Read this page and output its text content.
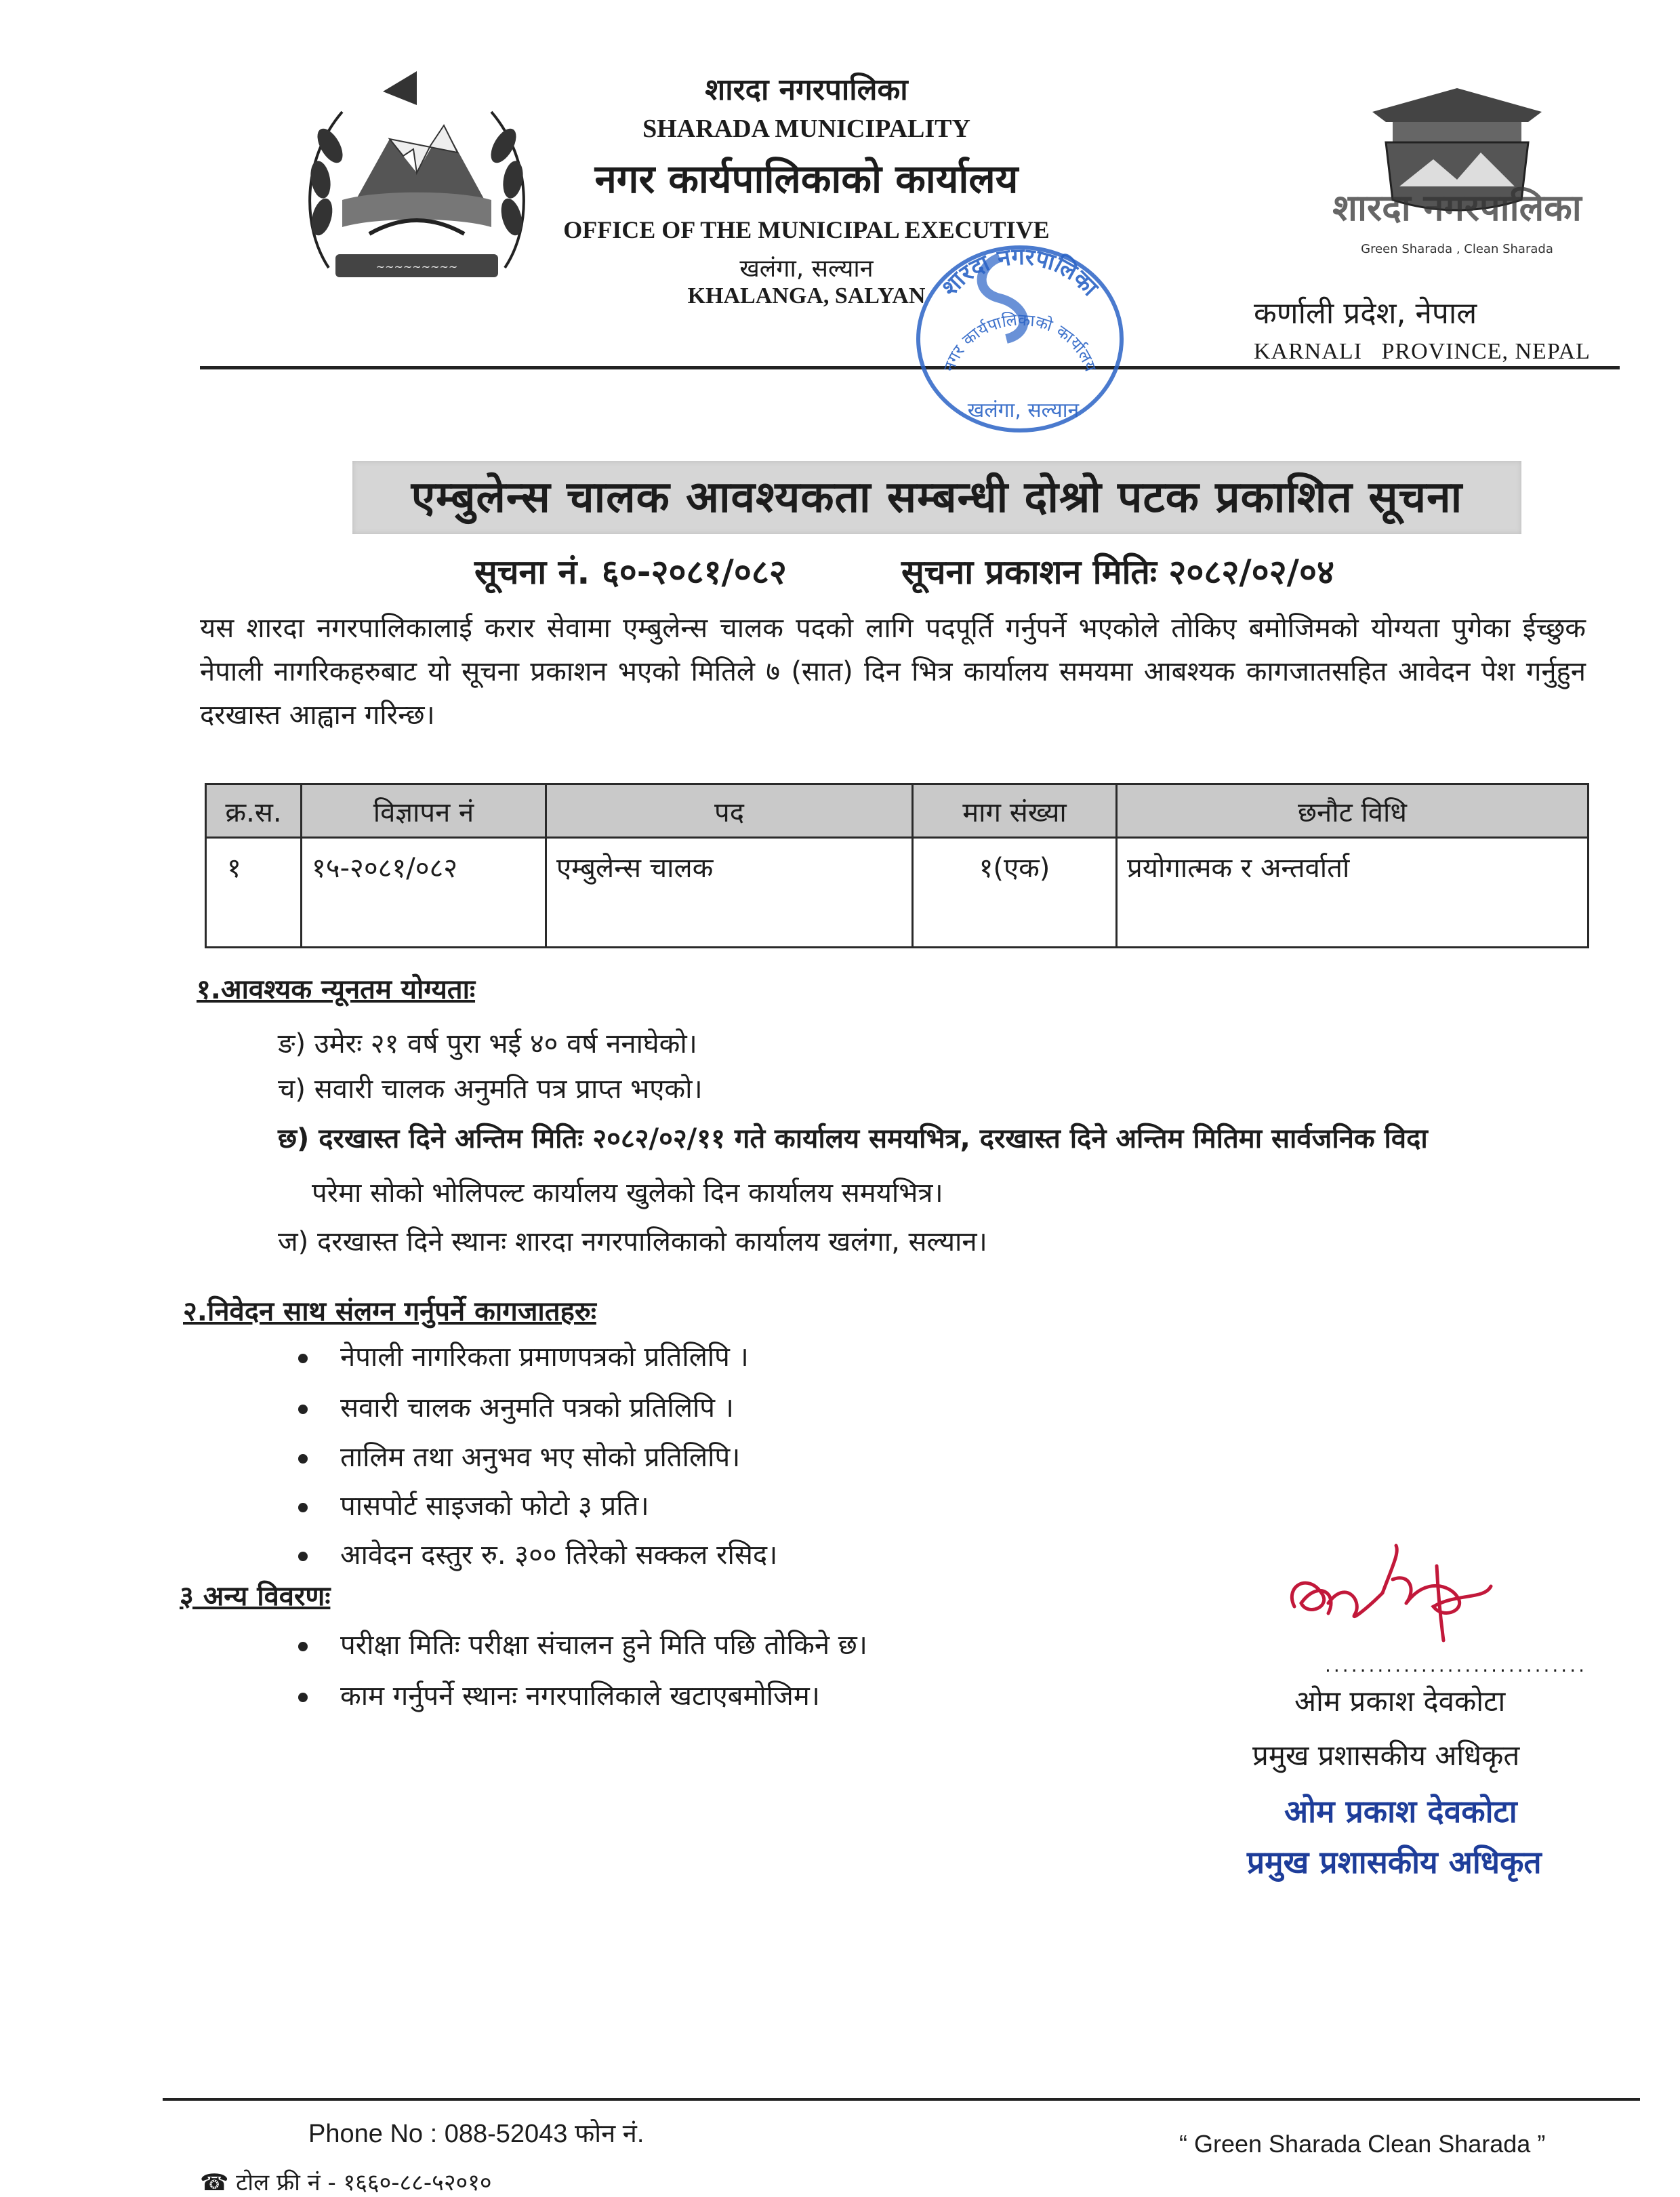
~~~~~~~~~
शारदा नगरपालिका
SHARADA MUNICIPALITY
नगर कार्यपालिकाको कार्यालय
OFFICE OF THE MUNICIPAL EXECUTIVE
खलंगा, सल्यान
KHALANGA, SALYAN
शारदा नगरपालिका
Green Sharada , Clean Sharada
कर्णाली प्रदेश, नेपाल
KARNALI   PROVINCE, NEPAL
शारदा नगरपालिका
नगर कार्यपालिकाको कार्यालय
खलंगा, सल्यान
एम्बुलेन्स चालक आवश्यकता सम्बन्धी दोश्रो पटक प्रकाशित सूचना
सूचना नं. ६०-२०८१/०८२	सूचना प्रकाशन मितिः २०८२/०२/०४
यस शारदा नगरपालिकालाई करार सेवामा एम्बुलेन्स चालक पदको लागि पदपूर्ति गर्नुपर्ने भएकोले तोकिए बमोजिमको योग्यता पुगेका ईच्छुक नेपाली नागरिकहरुबाट यो सूचना प्रकाशन भएको मितिले ७ (सात) दिन भित्र कार्यालय समयमा आबश्यक कागजातसहित आवेदन पेश गर्नुहुन दरखास्त आह्वान गरिन्छ।
क्र.स.	विज्ञापन नं	पद	माग संख्या	छनौट विधि
१	१५-२०८१/०८२	एम्बुलेन्स चालक	१(एक)	प्रयोगात्मक र अन्तर्वार्ता
१.आवश्यक न्यूनतम योग्यताः
ङ) उमेरः २१ वर्ष पुरा भई ४० वर्ष ननाघेको।
च) सवारी चालक अनुमति पत्र प्राप्त भएको।
छ) दरखास्त दिने अन्तिम मितिः २०८२/०२/११ गते कार्यालय समयभित्र, दरखास्त दिने अन्तिम मितिमा सार्वजनिक विदा
परेमा सोको भोलिपल्ट कार्यालय खुलेको दिन कार्यालय समयभित्र।
ज) दरखास्त दिने स्थानः शारदा नगरपालिकाको कार्यालय खलंगा, सल्यान।
२.निवेदन साथ संलग्न गर्नुपर्ने कागजातहरुः
नेपाली नागरिकता प्रमाणपत्रको प्रतिलिपि ।
सवारी चालक अनुमति पत्रको प्रतिलिपि ।
तालिम तथा अनुभव भए सोको प्रतिलिपि।
पासपोर्ट साइजको फोटो ३ प्रति।
आवेदन दस्तुर रु. ३०० तिरेको सक्कल रसिद।
३ अन्य विवरणः
परीक्षा मितिः परीक्षा संचालन हुने मिति पछि तोकिने छ।
काम गर्नुपर्ने स्थानः नगरपालिकाले खटाएबमोजिम।
..............................
ओम प्रकाश देवकोटा
प्रमुख प्रशासकीय अधिकृत
ओम प्रकाश देवकोटा
प्रमुख प्रशासकीय अधिकृत
Phone No : 088-52043 फोन नं.	“ Green Sharada Clean Sharada ”
☎ टोल फ्री नं - १६६०-८८-५२०१०
